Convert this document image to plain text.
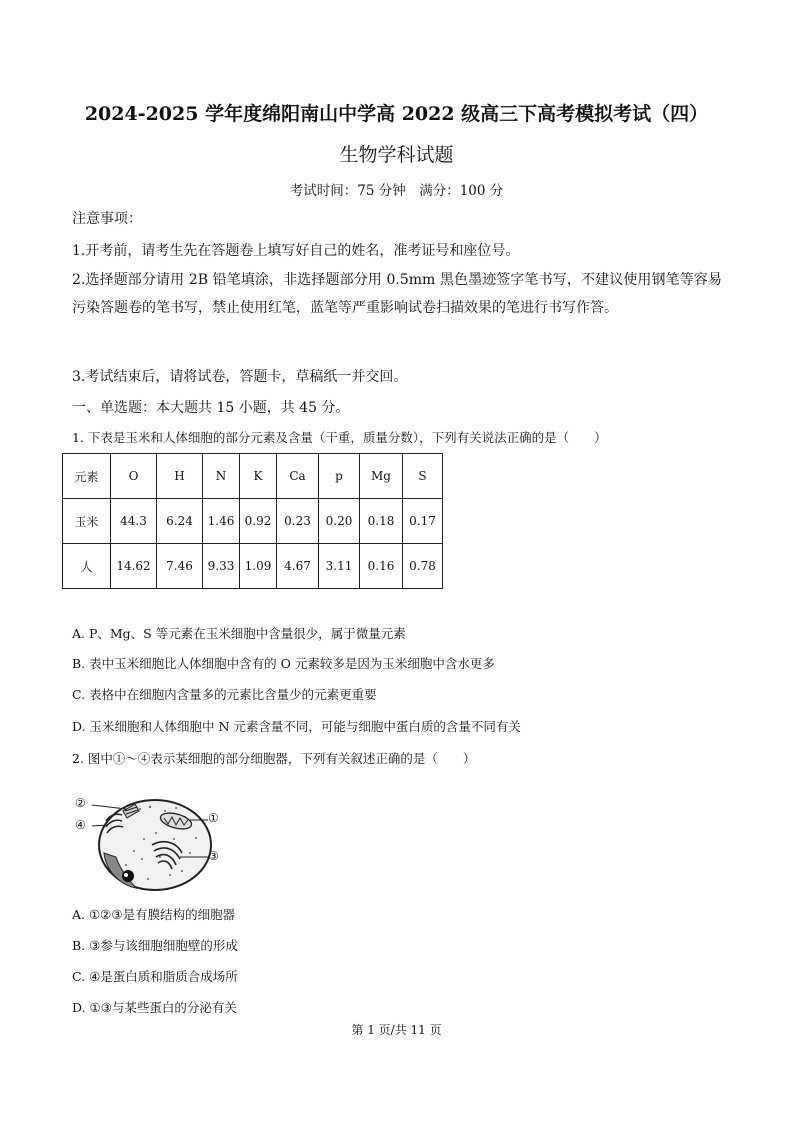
2024-2025 学年度绵阳南山中学高 2022 级高三下高考模拟考试（四）
生物学科试题
考试时间：75 分钟　满分：100 分
注意事项：
1.开考前，请考生先在答题卷上填写好自己的姓名，准考证号和座位号。
2.选择题部分请用 2B 铅笔填涂，非选择题部分用 0.5mm 黑色墨迹签字笔书写，不建议使用钢笔等容易污染答题卷的笔书写，禁止使用红笔，蓝笔等严重影响试卷扫描效果的笔进行书写作答。
3.考试结束后，请将试卷，答题卡，草稿纸一并交回。
一、单选题：本大题共 15 小题，共 45 分。
1. 下表是玉米和人体细胞的部分元素及含量（干重，质量分数），下列有关说法正确的是（　　）
元素	O	H	N	K	Ca	p	Mg	S
玉米	44.3	6.24	1.46	0.92	0.23	0.20	0.18	0.17
人	14.62	7.46	9.33	1.09	4.67	3.11	0.16	0.78
A. P、Mg、S 等元素在玉米细胞中含量很少，属于微量元素
B. 表中玉米细胞比人体细胞中含有的 O 元素较多是因为玉米细胞中含水更多
C. 表格中在细胞内含量多的元素比含量少的元素更重要
D. 玉米细胞和人体细胞中 N 元素含量不同，可能与细胞中蛋白质的含量不同有关
2. 图中①～④表示某细胞的部分细胞器，下列有关叙述正确的是（　　）
②
④	①
③
A. ①②③是有膜结构的细胞器
B. ③参与该细胞细胞壁的形成
C. ④是蛋白质和脂质合成场所
D. ①③与某些蛋白的分泌有关
第 1 页/共 11 页
